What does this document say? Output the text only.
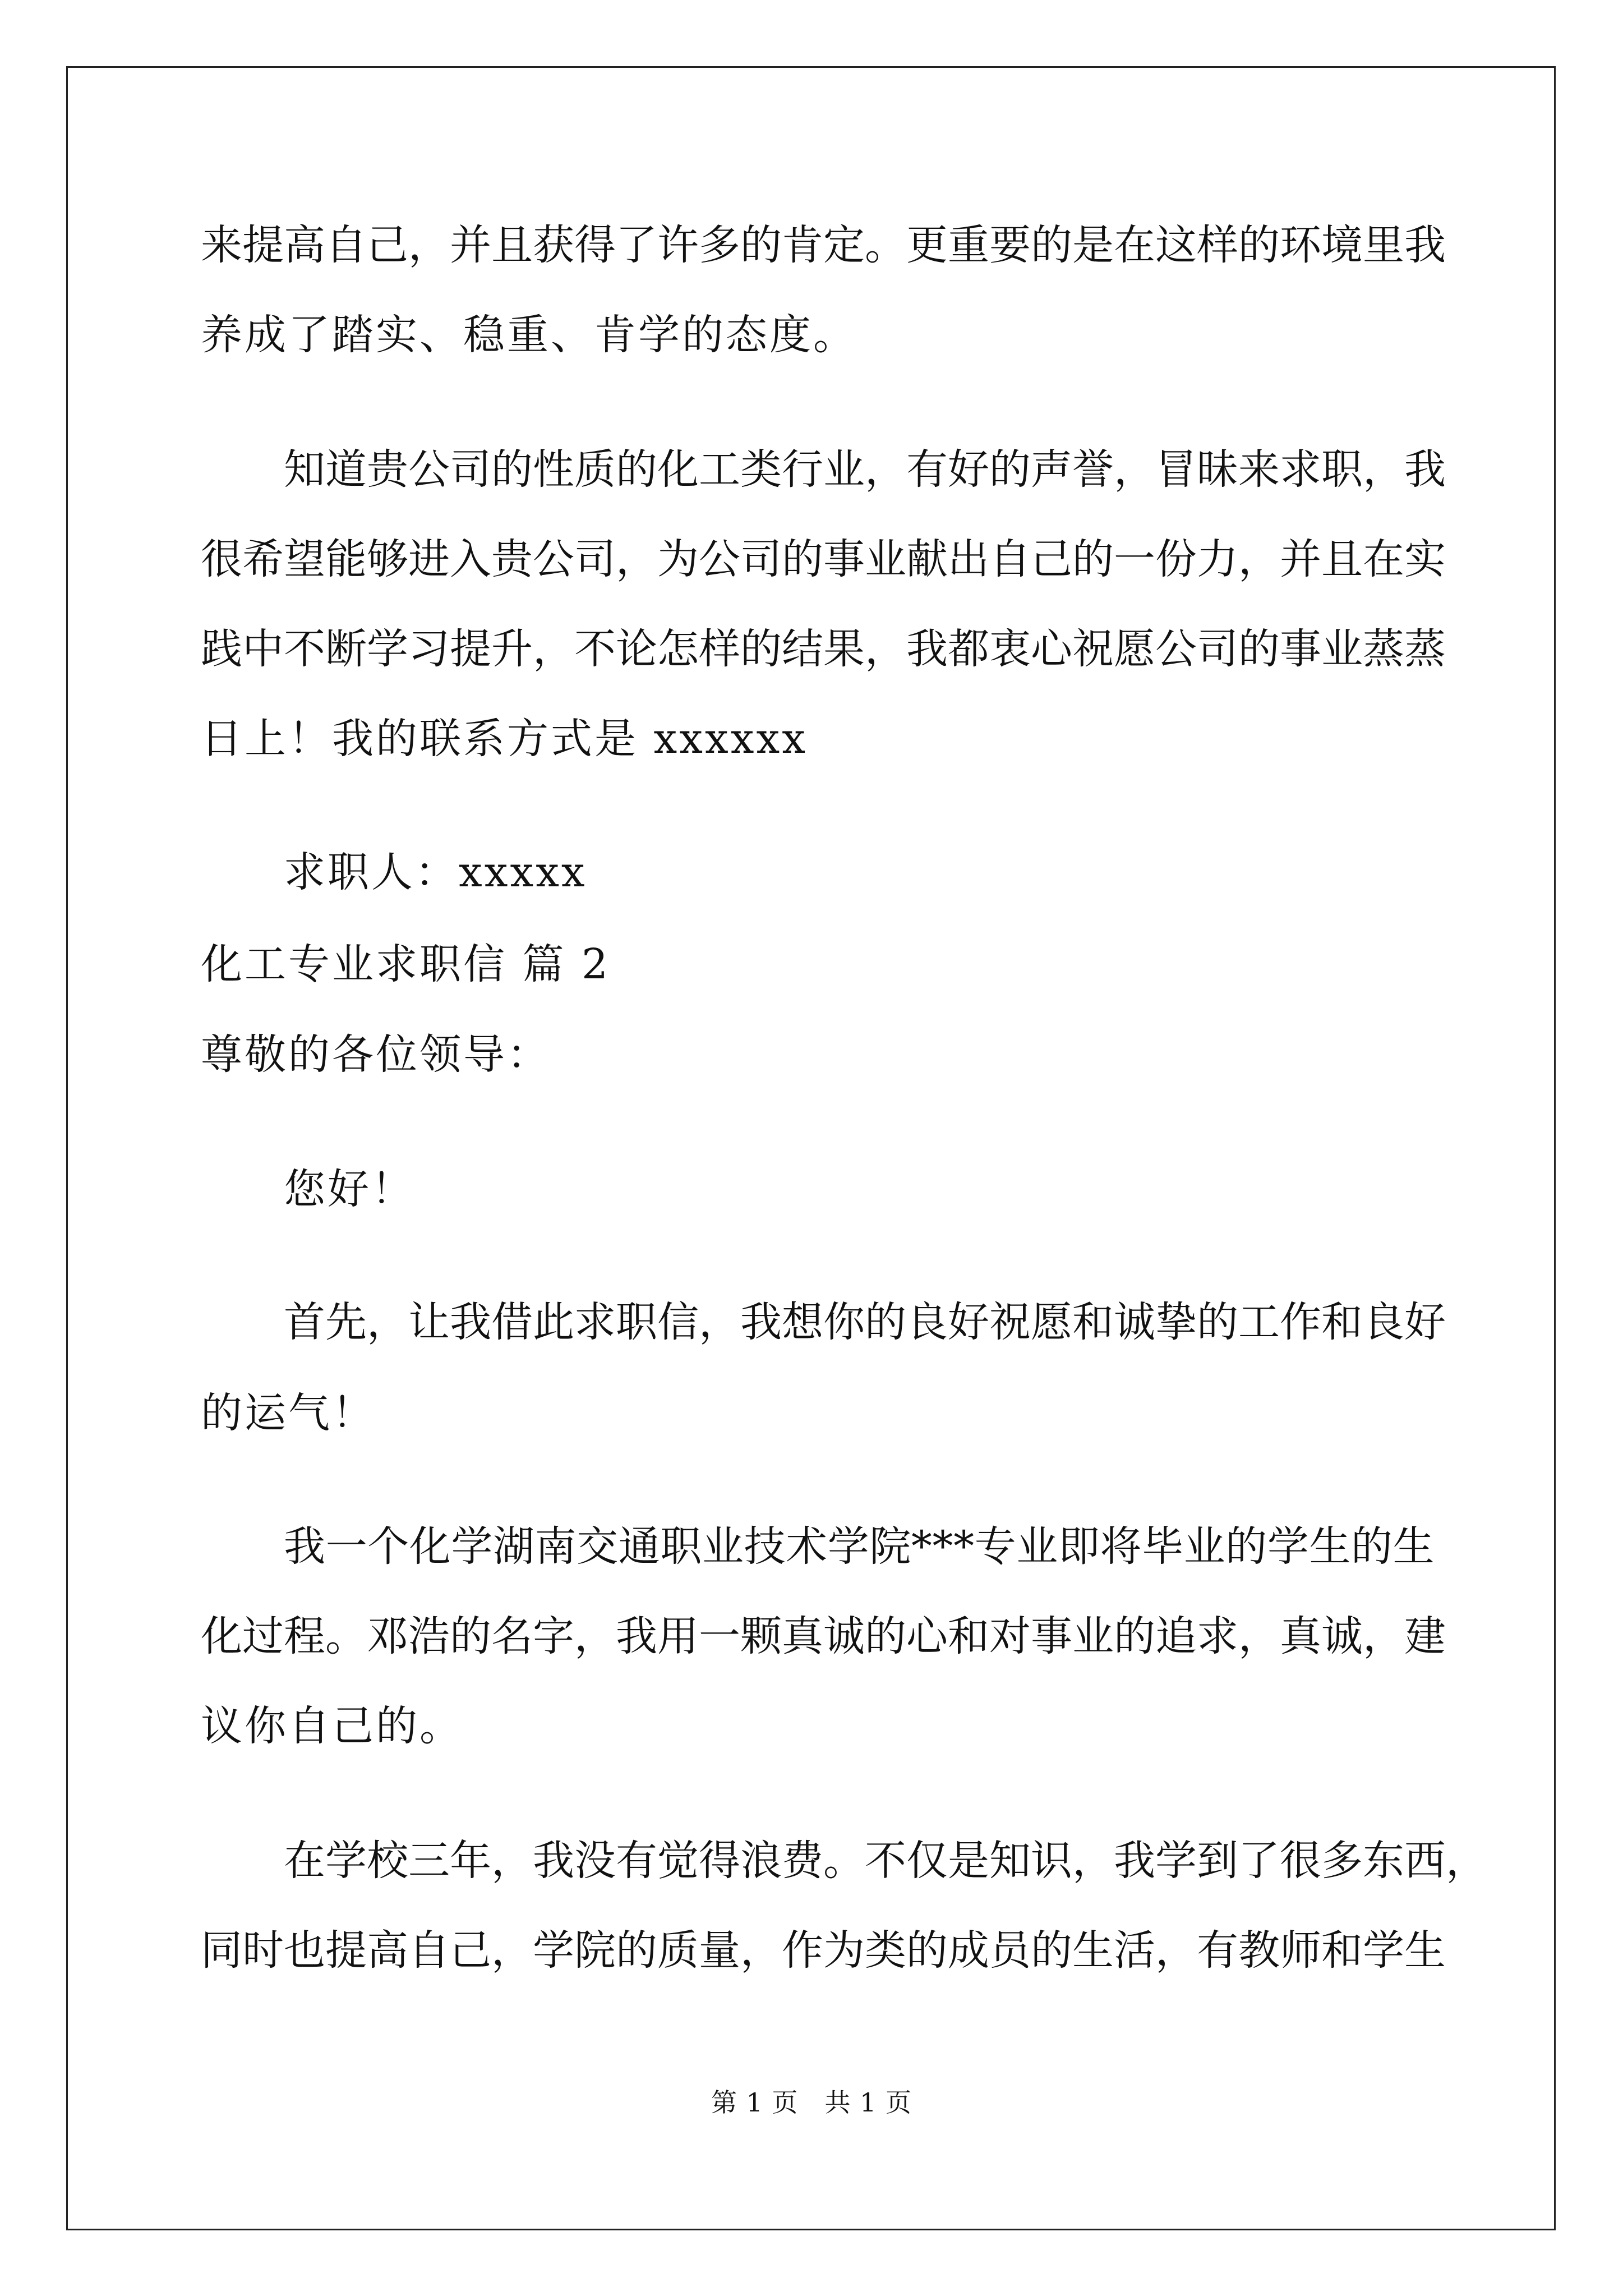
来 提 高 自 己 ， 并 且 获 得 了 许 多 的 肯 定 。 更 重 要 的 是 在 这 样 的 环 境 里 我
养成了踏实、稳重、肯学的态度。
知 道 贵 公 司 的 性 质 的 化 工 类 行 业 ， 有 好 的 声 誉 ， 冒 昧 来 求 职 ， 我
很 希 望 能 够 进 入 贵 公 司 ， 为 公 司 的 事 业 献 出 自 己 的 一 份 力 ， 并 且 在 实
践 中 不 断 学 习 提 升 ， 不 论 怎 样 的 结 果 ， 我 都 衷 心 祝 愿 公 司 的 事 业 蒸 蒸
日上！我的联系方式是 xxxxxx
求职人：xxxxx
化工专业求职信 篇 2
尊敬的各位领导：
您好！
首 先 ， 让 我 借 此 求 职 信 ， 我 想 你 的 良 好 祝 愿 和 诚 挚 的 工 作 和 良 好
的运气！
我 一 个 化 学 湖 南 交 通 职 业 技 术 学 院 * * * 专 业 即 将 毕 业 的 学 生 的 生
化 过 程 。 邓 浩 的 名 字 ， 我 用 一 颗 真 诚 的 心 和 对 事 业 的 追 求 ， 真 诚 ， 建
议你自己的。
在 学 校 三 年 ， 我 没 有 觉 得 浪 费 。 不 仅 是 知 识 ， 我 学 到 了 很 多 东 西 ，
同 时 也 提 高 自 己 ， 学 院 的 质 量 ， 作 为 类 的 成 员 的 生 活 ， 有 教 师 和 学 生
第 1 页　共 1 页
